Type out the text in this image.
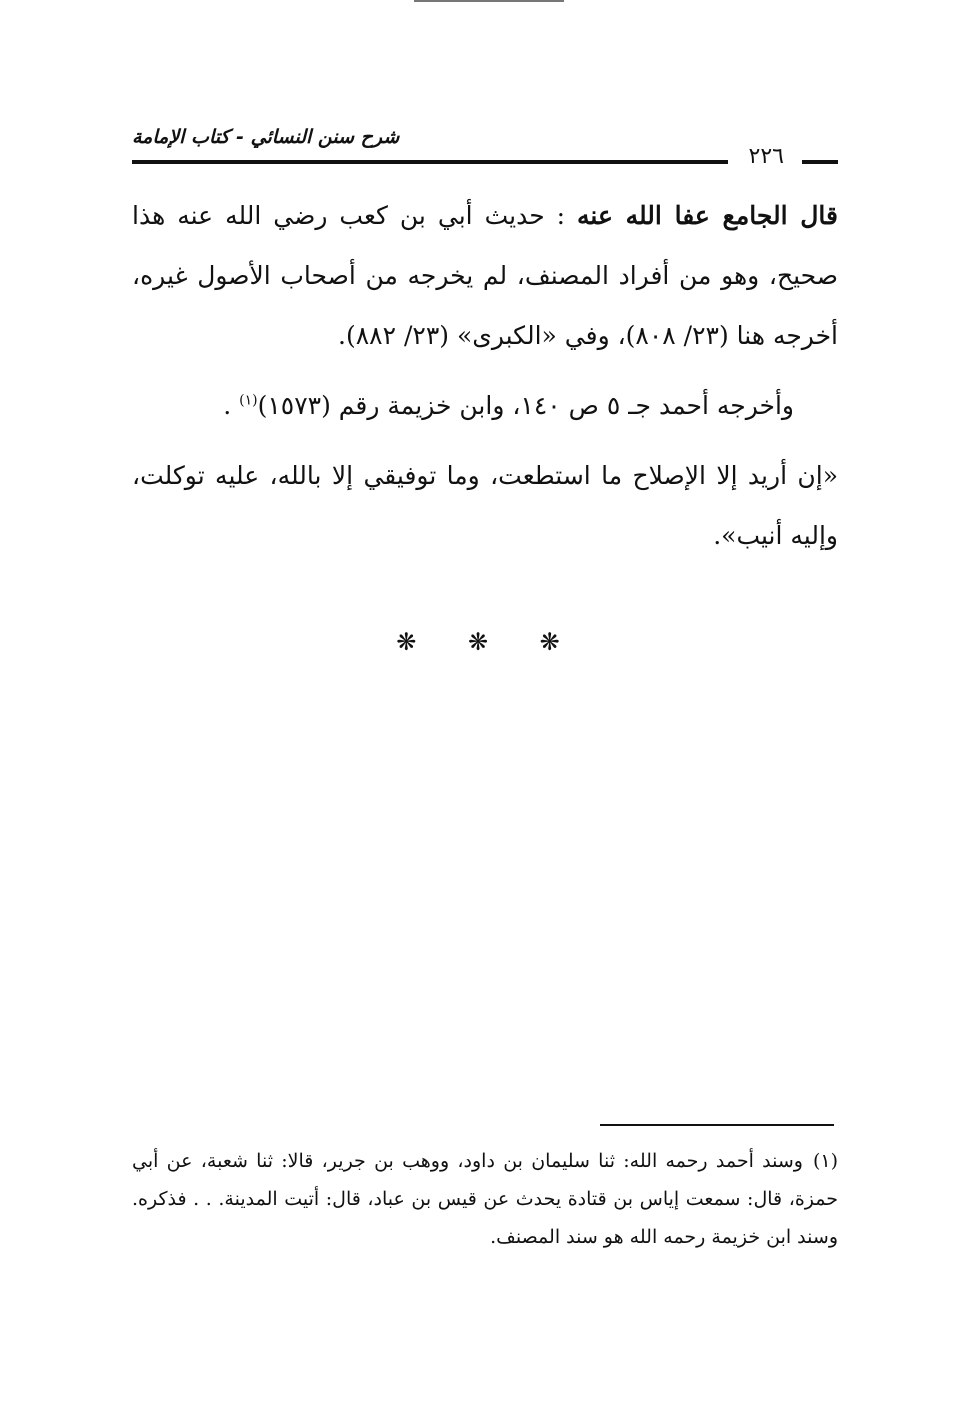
شرح سنن النسائي - كتاب الإمامة
٢٢٦

قال الجامع عفا الله عنه : حديث أبي بن كعب رضي الله عنه هذا صحيح، وهو من أفراد المصنف، لم يخرجه من أصحاب الأصول غيره، أخرجه هنا (٢٣/ ٨٠٨)، وفي «الكبرى» (٢٣/ ٨٨٢).

وأخرجه أحمد جـ ٥ ص ١٤٠، وابن خزيمة رقم (١٥٧٣)$^{(١)}$ .

«إن أريد إلا الإصلاح ما استطعت، وما توفيقي إلا بالله، عليه توكلت، وإليه أنيب».

❋ ❋ ❋
(١)وسند أحمد رحمه الله: ثنا سليمان بن داود، ووهب بن جرير، قالا: ثنا شعبة، عن أبي حمزة، قال: سمعت إياس بن قتادة يحدث عن قيس بن عباد، قال: أتيت المدينة. . . فذكره. وسند ابن خزيمة رحمه الله هو سند المصنف.
